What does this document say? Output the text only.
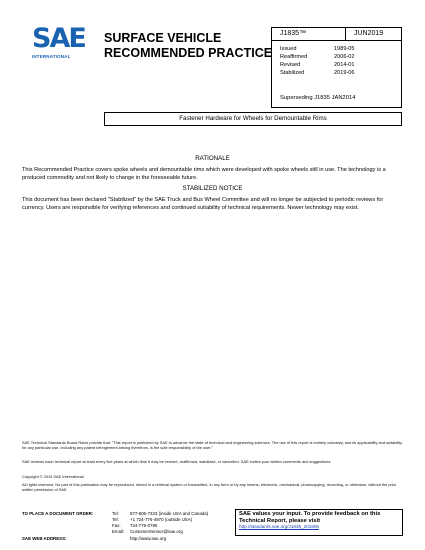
SAE
INTERNATIONAL
SURFACE VEHICLE
RECOMMENDED PRACTICE
J1835™	JUN2019
Issued	1989-05
Reaffirmed	2006-02
Revised	2014-01
Stabilized	2019-06
Superseding J1835 JAN2014
Fastener Hardware for Wheels for Demountable Rims
RATIONALE
This Recommended Practice covers spoke wheels and demountable rims which were developed with spoke wheels still in use. The technology is a produced commodity and not likely to change in the foreseeable future.
STABILIZED NOTICE
This document has been declared "Stabilized" by the SAE Truck and Bus Wheel Committee and will no longer be subjected to periodic reviews for currency. Users are responsible for verifying references and continued suitability of technical requirements. Newer technology may exist.
SAE Technical Standards Board Rules provide that: "This report is published by SAE to advance the state of technical and engineering sciences. The use of this report is entirely voluntary, and its applicability and suitability for any particular use, including any patent infringement arising therefrom, is the sole responsibility of the user."
SAE reviews each technical report at least every five years at which time it may be revised, reaffirmed, stabilized, or cancelled. SAE invites your written comments and suggestions.
Copyright © 2019 SAE International
All rights reserved. No part of this publication may be reproduced, stored in a retrieval system or transmitted, in any form or by any means, electronic, mechanical, photocopying, recording, or otherwise, without the prior written permission of SAE.
TO PLACE A DOCUMENT ORDER:	Tel:	877-606-7323 (inside USA and Canada)
Tel:	+1 724-776-4970 (outside USA)
Fax: 724-776-0790
Email: CustomerService@sae.org
SAE WEB ADDRESS:	http://www.sae.org
SAE values your input. To provide feedback on this
Technical Report, please visit
http://standards.sae.org/J1835_201906
